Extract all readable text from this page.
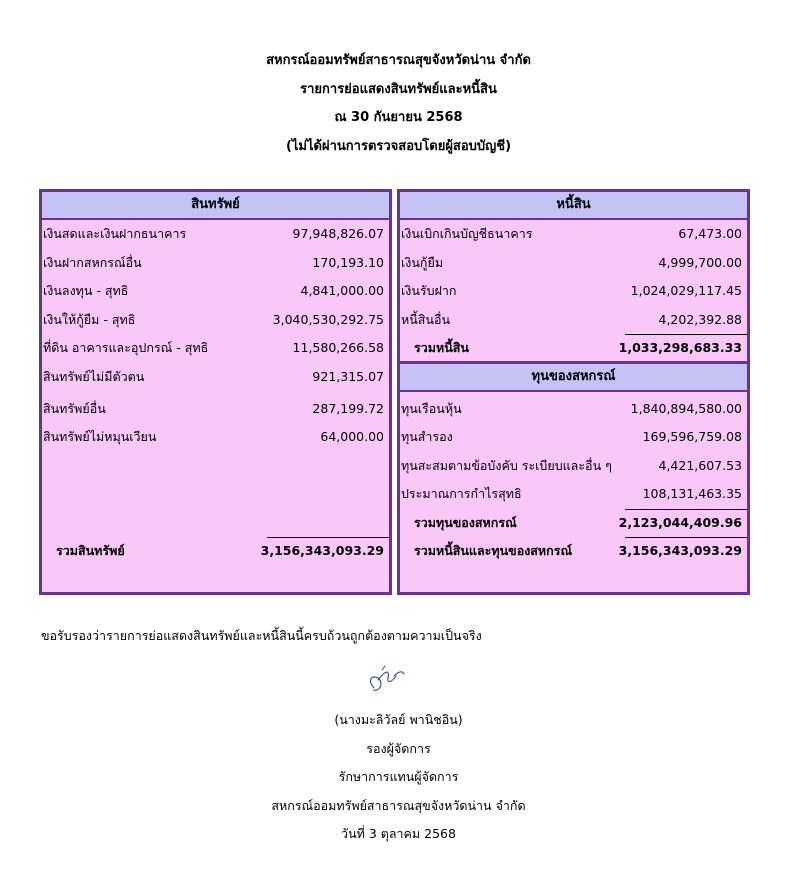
สหกรณ์ออมทรัพย์สาธารณสุขจังหวัดน่าน จำกัด
รายการย่อแสดงสินทรัพย์และหนี้สิน
ณ 30 กันยายน 2568
(ไม่ได้ผ่านการตรวจสอบโดยผู้สอบบัญชี)
สินทรัพย์
เงินสดและเงินฝากธนาคาร	97,948,826.07
เงินฝากสหกรณ์อื่น	170,193.10
เงินลงทุน - สุทธิ	4,841,000.00
เงินให้กู้ยืม - สุทธิ	3,040,530,292.75
ที่ดิน อาคารและอุปกรณ์ - สุทธิ	11,580,266.58
สินทรัพย์ไม่มีตัวตน	921,315.07
สินทรัพย์อื่น	287,199.72
สินทรัพย์ไม่หมุนเวียน	64,000.00
รวมสินทรัพย์	3,156,343,093.29
หนี้สิน
เงินเบิกเกินบัญชีธนาคาร	67,473.00
เงินกู้ยืม	4,999,700.00
เงินรับฝาก	1,024,029,117.45
หนี้สินอื่น	4,202,392.88
รวมหนี้สิน	1,033,298,683.33
ทุนของสหกรณ์
ทุนเรือนหุ้น	1,840,894,580.00
ทุนสำรอง	169,596,759.08
ทุนสะสมตามข้อบังคับ ระเบียบและอื่น ๆ	4,421,607.53
ประมาณการกำไรสุทธิ	108,131,463.35
รวมทุนของสหกรณ์	2,123,044,409.96
รวมหนี้สินและทุนของสหกรณ์	3,156,343,093.29
ขอรับรองว่ารายการย่อแสดงสินทรัพย์และหนี้สินนี้ครบถ้วนถูกต้องตามความเป็นจริง
(นางมะลิวัลย์ พานิชอิน)
รองผู้จัดการ
รักษาการแทนผู้จัดการ
สหกรณ์ออมทรัพย์สาธารณสุขจังหวัดน่าน จำกัด
วันที่ 3 ตุลาคม 2568
